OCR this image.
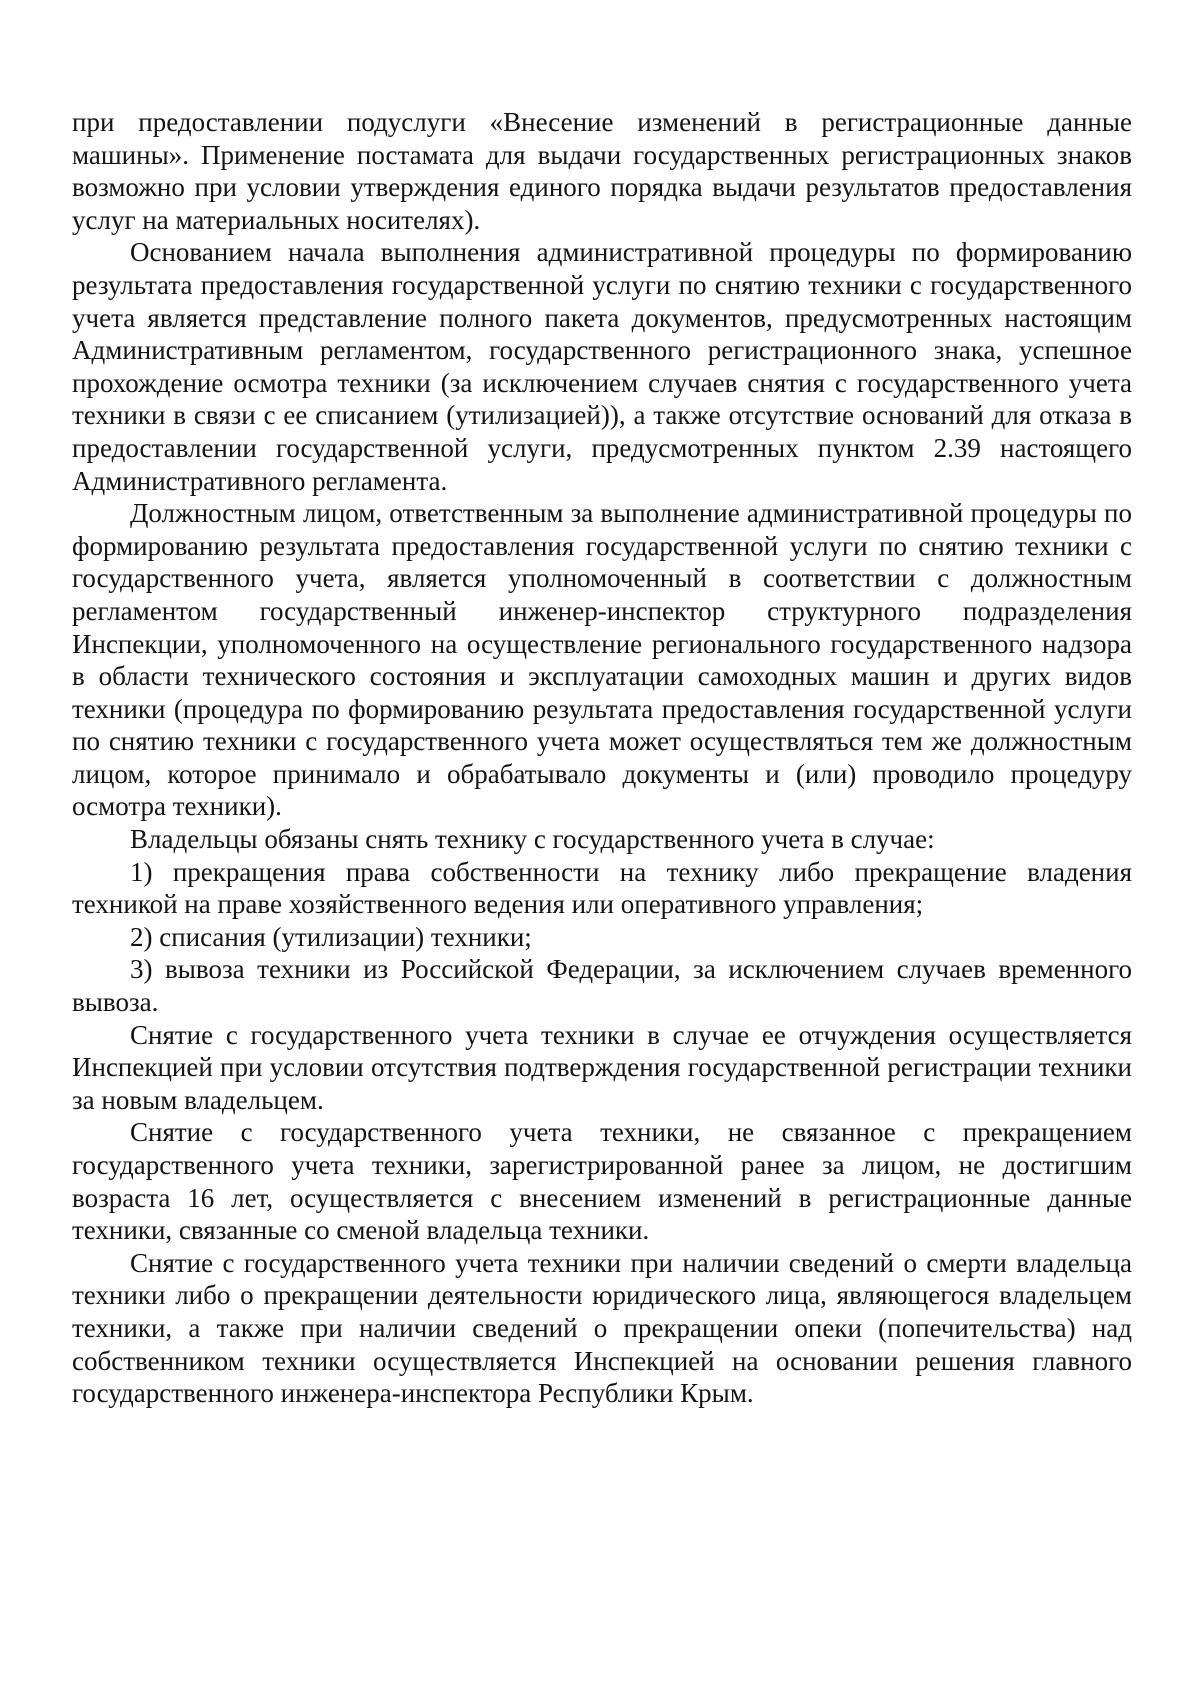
при предоставлении подуслуги «Внесение изменений в регистрационные данные машины». Применение постамата для выдачи государственных регистрационных знаков возможно при условии утверждения единого порядка выдачи результатов предоставления услуг на материальных носителях).

Основанием начала выполнения административной процедуры по формированию результата предоставления государственной услуги по снятию техники с государственного учета является представление полного пакета документов, предусмотренных настоящим Административным регламентом, государственного регистрационного знака, успешное прохождение осмотра техники (за исключением случаев снятия с государственного учета техники в связи с ее списанием (утилизацией)), а также отсутствие оснований для отказа в предоставлении государственной услуги, предусмотренных пунктом 2.39 настоящего Административного регламента.

Должностным лицом, ответственным за выполнение административной процедуры по формированию результата предоставления государственной услуги по снятию техники с государственного учета, является уполномоченный в соответствии с должностным регламентом государственный инженер-инспектор структурного подразделения Инспекции, уполномоченного на осуществление регионального государственного надзора в области технического состояния и эксплуатации самоходных машин и других видов техники (процедура по формированию результата предоставления государственной услуги по снятию техники с государственного учета может осуществляться тем же должностным лицом, которое принимало и обрабатывало документы и (или) проводило процедуру осмотра техники).

Владельцы обязаны снять технику с государственного учета в случае:

1) прекращения права собственности на технику либо прекращение владения техникой на праве хозяйственного ведения или оперативного управления;

2) списания (утилизации) техники;

3) вывоза техники из Российской Федерации, за исключением случаев временного вывоза.

Снятие с государственного учета техники в случае ее отчуждения осуществляется Инспекцией при условии отсутствия подтверждения государственной регистрации техники за новым владельцем.

Снятие с государственного учета техники, не связанное с прекращением государственного учета техники, зарегистрированной ранее за лицом, не достигшим возраста 16 лет, осуществляется с внесением изменений в регистрационные данные техники, связанные со сменой владельца техники.

Снятие с государственного учета техники при наличии сведений о смерти владельца техники либо о прекращении деятельности юридического лица, являющегося владельцем техники, а также при наличии сведений о прекращении опеки (попечительства) над собственником техники осуществляется Инспекцией на основании решения главного государственного инженера-инспектора Республики Крым.
